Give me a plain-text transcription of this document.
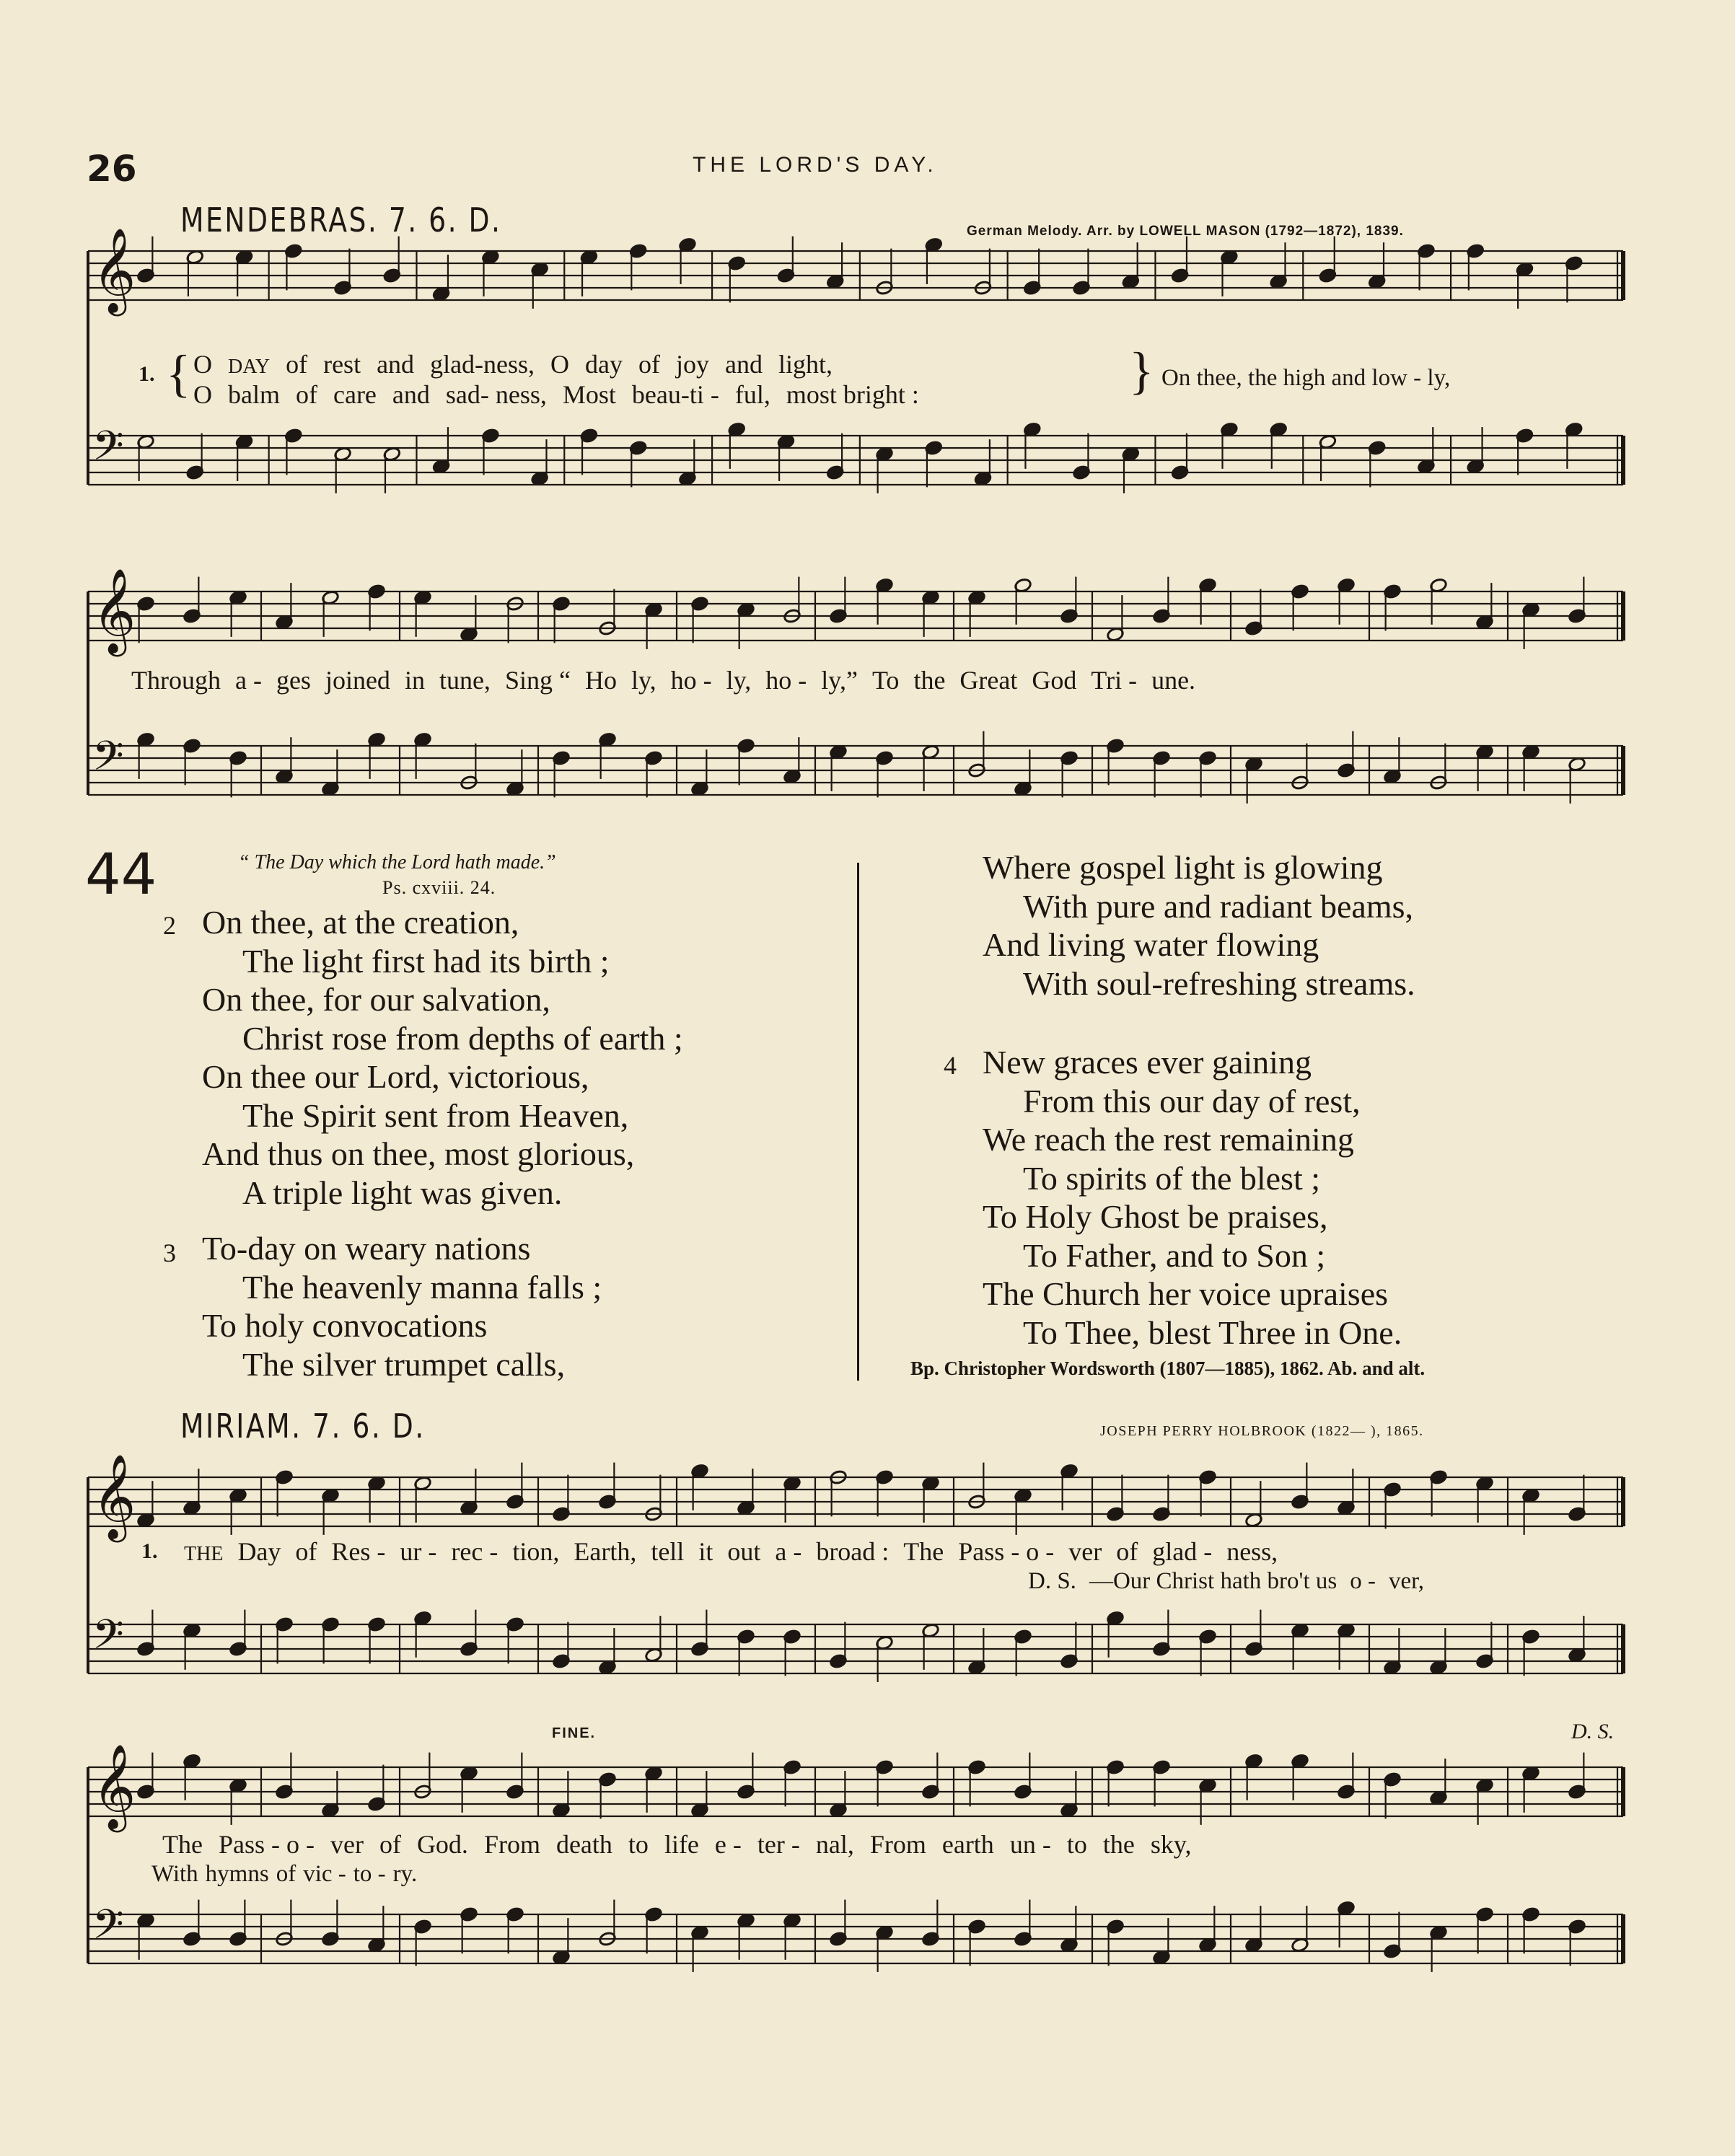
26	THE LORD'S DAY.
MENDEBRAS. 7. 6. D.	German Melody. Arr. by LOWELL MASON (1792—1872), 1839.
𝄞
𝄢
𝄞
𝄢
𝄞
𝄢
𝄞
𝄢
1. { O DAY of rest and glad-ness, O day of joy and light,
O balm of care and sad- ness, Most beau-ti - ful, most bright :	} On thee, the high and low - ly,
Through a - ges joined in tune, Sing “ Ho ly, ho - ly, ho - ly,” To the Great God Tri - une.
44	“ The Day which the Lord hath made.”
Ps. cxviii. 24.
2 On thee, at the creation,
The light first had its birth ;
On thee, for our salvation,
Christ rose from depths of earth ;
On thee our Lord, victorious,
The Spirit sent from Heaven,
And thus on thee, most glorious,
A triple light was given.
3 To-day on weary nations
The heavenly manna falls ;
To holy convocations
The silver trumpet calls,
Where gospel light is glowing
With pure and radiant beams,
And living water flowing
With soul-refreshing streams.
4 New graces ever gaining
From this our day of rest,
We reach the rest remaining
To spirits of the blest ;
To Holy Ghost be praises,
To Father, and to Son ;
The Church her voice upraises
To Thee, blest Three in One.
Bp. Christopher Wordsworth (1807—1885), 1862. Ab. and alt.
MIRIAM. 7. 6. D.	JOSEPH PERRY HOLBROOK (1822— ), 1865.
1. THE Day of Res - ur - rec - tion, Earth, tell it out a - broad : The Pass - o - ver of glad - ness,
D. S. —Our Christ hath bro't us o - ver,
FINE.	D. S.
The Pass - o - ver of God. From death to life e - ter - nal, From earth un - to the sky,
With hymns of vic - to - ry.
